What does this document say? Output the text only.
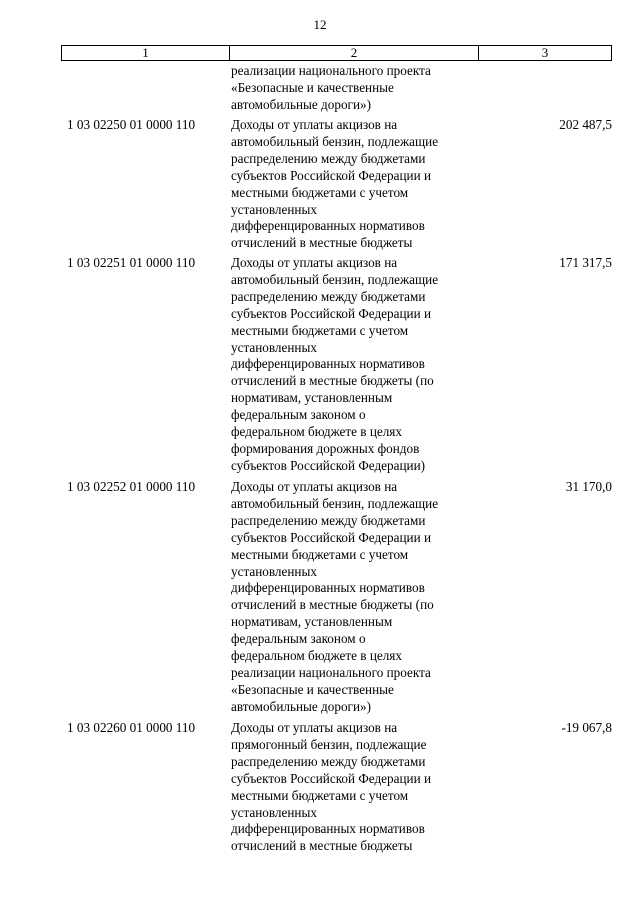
12
1	2	3
реализации национального проекта
«Безопасные и качественные
автомобильные дороги»)
1 03 02250 01 0000 110	Доходы от уплаты акцизов на
автомобильный бензин, подлежащие
распределению между бюджетами
субъектов Российской Федерации и
местными бюджетами с учетом
установленных
дифференцированных нормативов
отчислений в местные бюджеты
202 487,5
1 03 02251 01 0000 110	Доходы от уплаты акцизов на
автомобильный бензин, подлежащие
распределению между бюджетами
субъектов Российской Федерации и
местными бюджетами с учетом
установленных
дифференцированных нормативов
отчислений в местные бюджеты (по
нормативам, установленным
федеральным законом о
федеральном бюджете в целях
формирования дорожных фондов
субъектов Российской Федерации)
171 317,5
1 03 02252 01 0000 110	Доходы от уплаты акцизов на
автомобильный бензин, подлежащие
распределению между бюджетами
субъектов Российской Федерации и
местными бюджетами с учетом
установленных
дифференцированных нормативов
отчислений в местные бюджеты (по
нормативам, установленным
федеральным законом о
федеральном бюджете в целях
реализации национального проекта
«Безопасные и качественные
автомобильные дороги»)
31 170,0
1 03 02260 01 0000 110	Доходы от уплаты акцизов на
прямогонный бензин, подлежащие
распределению между бюджетами
субъектов Российской Федерации и
местными бюджетами с учетом
установленных
дифференцированных нормативов
отчислений в местные бюджеты
-19 067,8
